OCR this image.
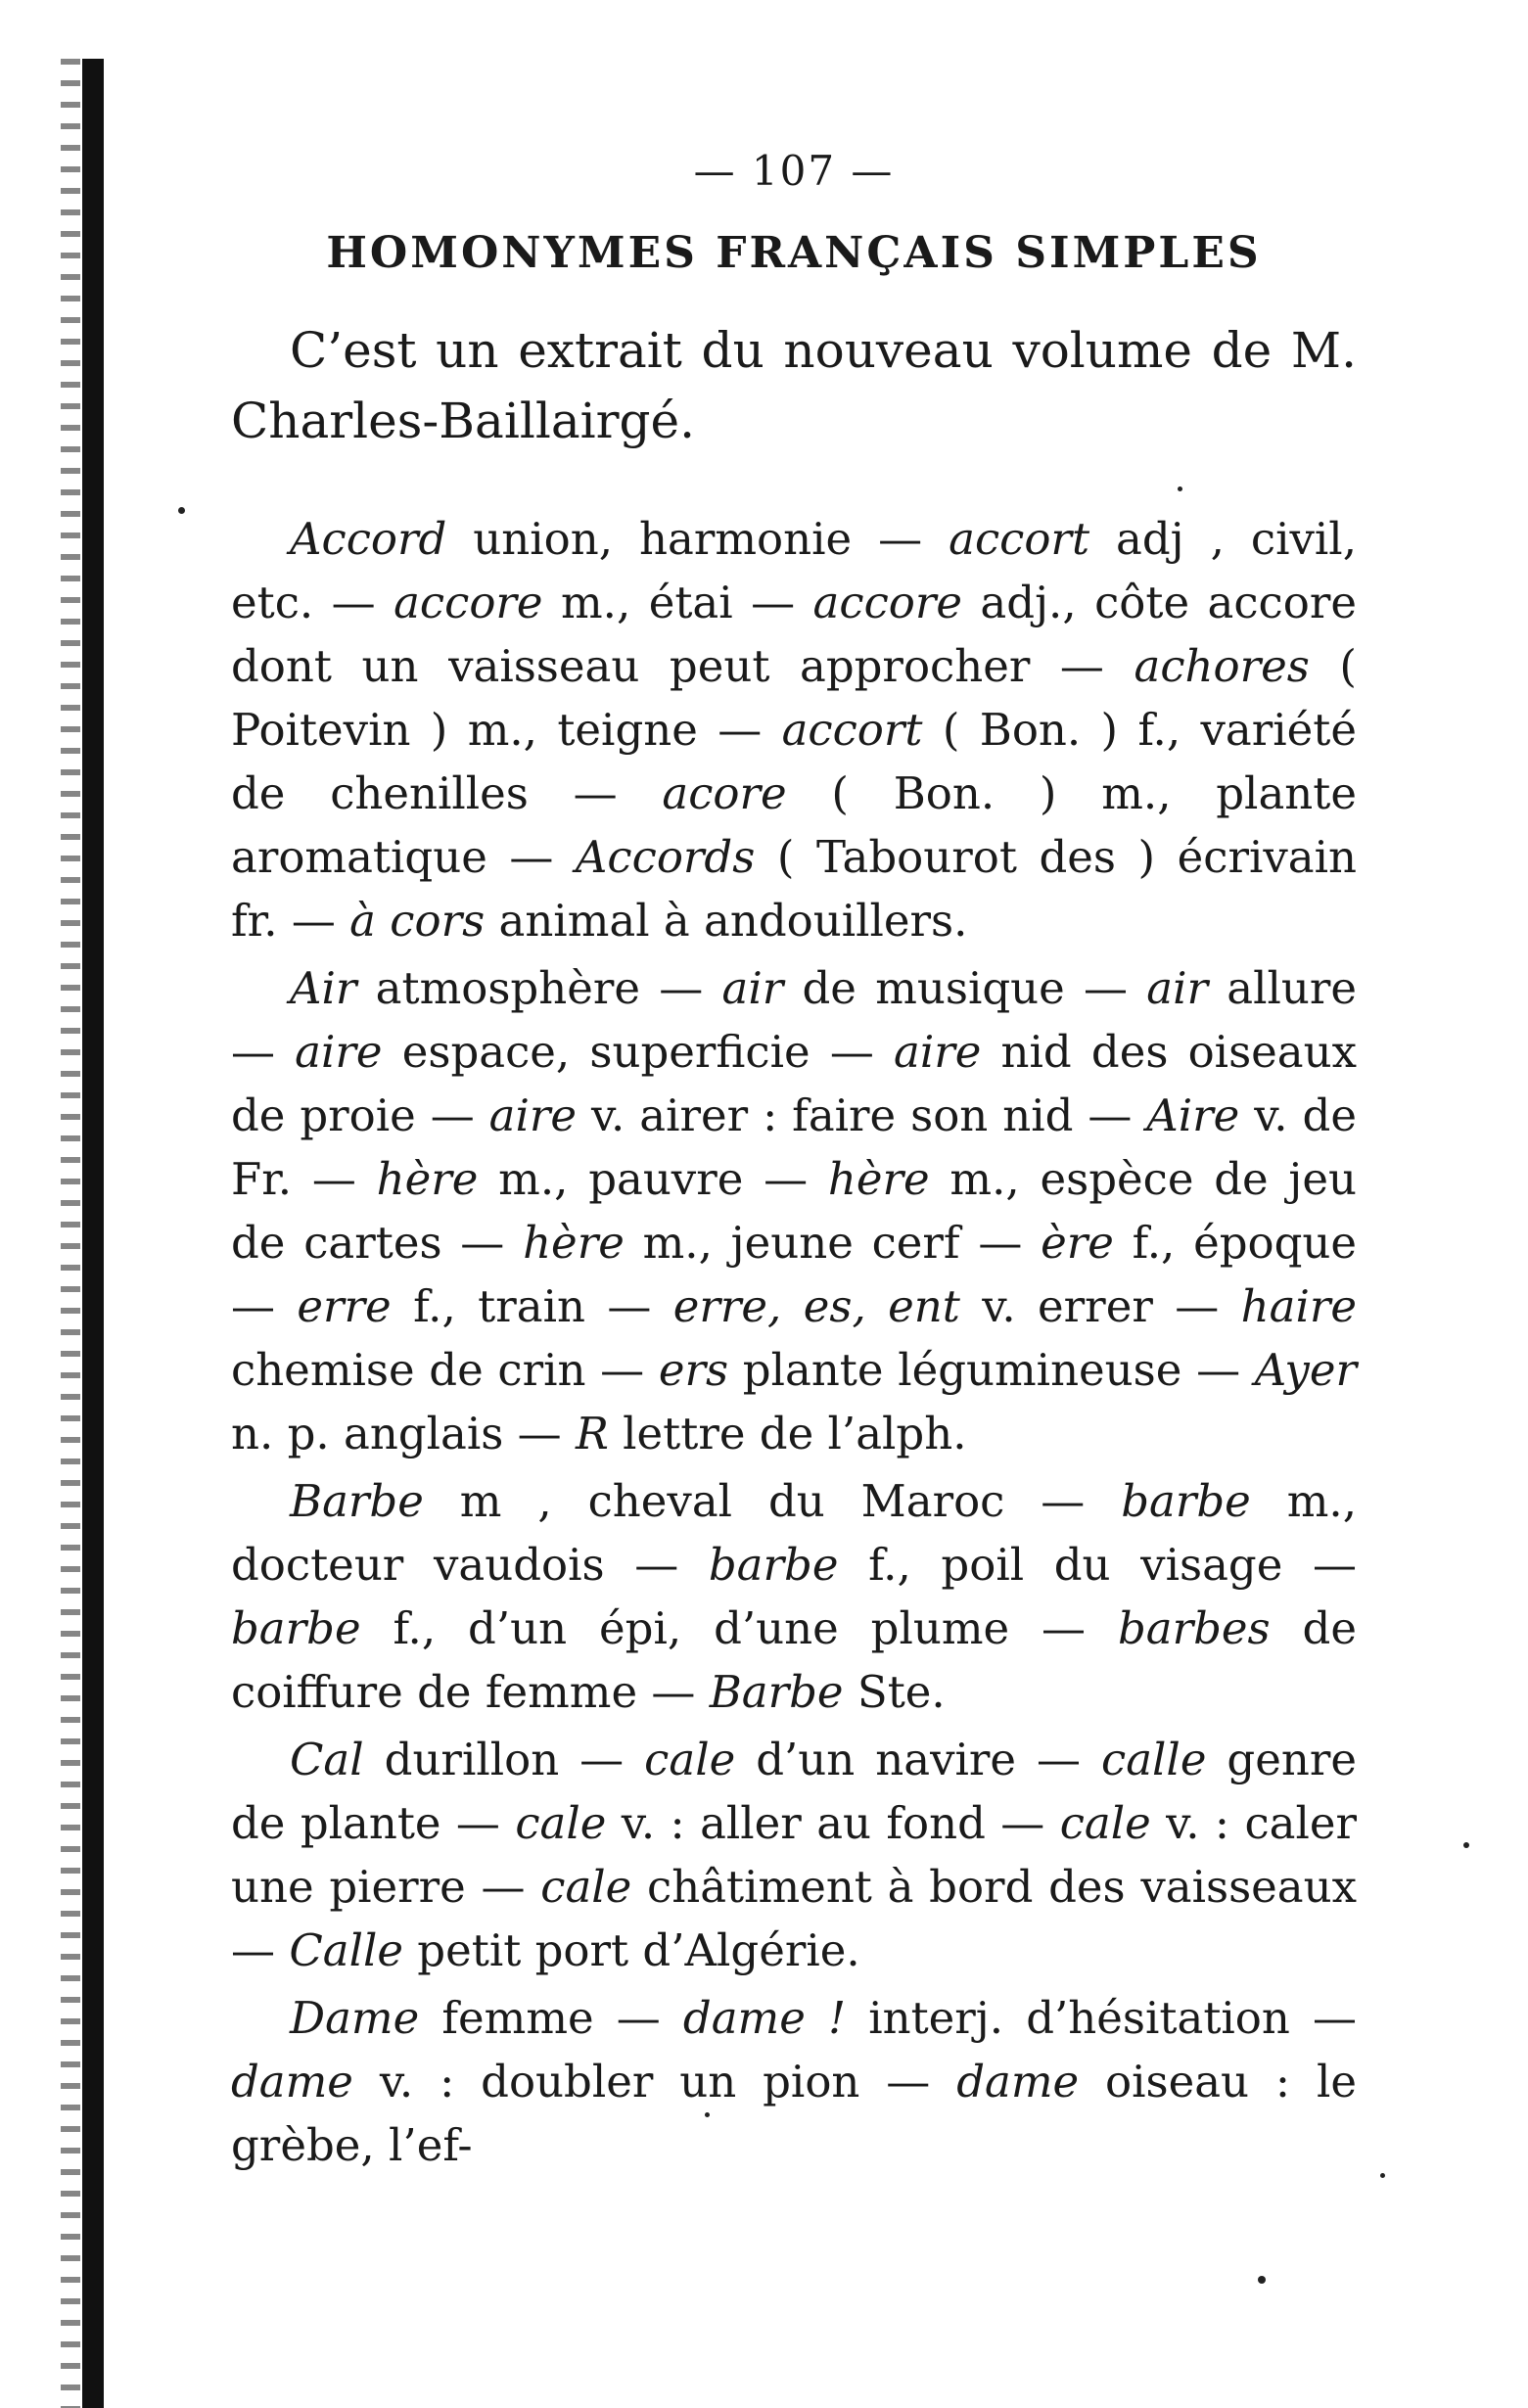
— 107 —
HOMONYMES FRANÇAIS SIMPLES

C’est un extrait du nouveau volume de M. Charles-Baillairgé.

Accord union, harmonie — accort adj , civil, etc. — accore m., étai — accore adj., côte accore dont un vaisseau peut approcher — achores ( Poitevin ) m., teigne — accort ( Bon. ) f., variété de chenilles — acore ( Bon. ) m., plante aromatique — Accords ( Tabourot des ) écrivain fr. — à cors animal à andouillers.

Air atmosphère — air de musique — air allure — aire espace, superficie — aire nid des oiseaux de proie — aire v. airer : faire son nid — Aire v. de Fr. — hère m., pauvre — hère m., espèce de jeu de cartes — hère m., jeune cerf — ère f., époque — erre f., train — erre, es, ent v. errer — haire chemise de crin — ers plante légumineuse — Ayer n. p. anglais — R lettre de l’alph.

Barbe m , cheval du Maroc — barbe m., docteur vaudois — barbe f., poil du visage — barbe f., d’un épi, d’une plume — barbes de coiffure de femme — Barbe Ste.

Cal durillon — cale d’un navire — calle genre de plante — cale v. : aller au fond — cale v. : caler une pierre — cale châtiment à bord des vaisseaux— Calle petit port d’Algérie.

Dame femme — dame ! interj. d’hésitation —dame v. : doubler un pion — dame oiseau : le grèbe, l’ef-
